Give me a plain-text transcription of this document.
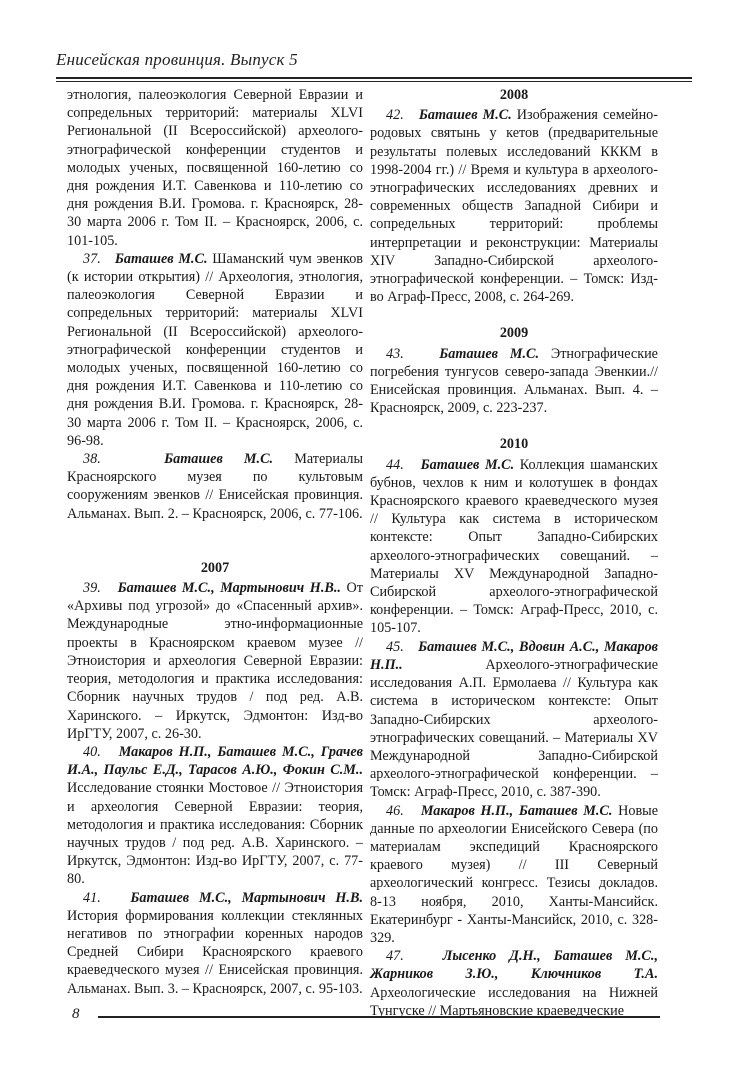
Енисейская провинция. Выпуск 5

этнология, палеоэкология Северной Евразии и сопредельных территорий: материалы XLVI Региональной (II Всероссийской) археолого-этнографической конференции студентов и молодых ученых, посвященной 160-летию со дня рождения И.Т. Савенкова и 110-летию со дня рождения В.И. Громова. г. Красноярск, 28-30 марта 2006 г. Том II. – Красноярск, 2006, с. 101-105.

37. Баташев М.С. Шаманский чум эвенков (к истории открытия) // Археология, этнология, палеоэкология Северной Евразии и сопредельных территорий: материалы XLVI Региональной (II Всероссийской) археолого-этнографической конференции студентов и молодых ученых, посвященной 160-летию со дня рождения И.Т. Савенкова и 110-летию со дня рождения В.И. Громова. г. Красноярск, 28-30 марта 2006 г. Том II. – Красноярск, 2006, с. 96-98.

38.	Баташев М.С. Материалы Красноярского музея по культовым сооружениям эвенков // Енисейская провинция. Альманах. Вып. 2. – Красноярск, 2006, с. 77-106.

2007

39. Баташев М.С., Мартынович Н.В.. От «Архивы под угрозой» до «Спасенный архив». Международные этно-информационные проекты в Красноярском краевом музее // Этноистория и археология Северной Евразии: теория, методология и практика исследования: Сборник научных трудов / под ред. А.В. Харинского. – Иркутск, Эдмонтон: Изд-во ИрГТУ, 2007, с. 26-30.

40. Макаров Н.П., Баташев М.С., Грачев И.А., Паульс Е.Д., Тарасов А.Ю., Фокин С.М.. Исследование стоянки Мостовое // Этноистория и археология Северной Евразии: теория, методология и практика исследования: Сборник научных трудов / под ред. А.В. Харинского. – Иркутск, Эдмонтон: Изд-во ИрГТУ, 2007, с. 77-80.

41. Баташев М.С., Мартынович Н.В. История формирования коллекции стеклянных негативов по этнографии коренных народов Средней Сибири Красноярского краевого краеведческого музея // Енисейская провинция. Альманах. Вып. 3. – Красноярск, 2007, с. 95-103.

2008

42. Баташев М.С. Изображения семейно-родовых святынь у кетов (предварительные результаты полевых исследований КККМ в 1998-2004 гг.) // Время и культура в археолого-этнографических исследованиях древних и современных обществ Западной Сибири и сопредельных территорий: проблемы интерпретации и реконструкции: Материалы XIV Западно-Сибирской археолого-этнографической конференции. – Томск: Изд-во Аграф-Пресс, 2008, с. 264-269.

2009

43.	Баташев М.С. Этнографические погребения тунгусов северо-запада Эвенкии.// Енисейская провинция. Альманах. Вып. 4. – Красноярск, 2009, с. 223-237.

2010

44. Баташев М.С. Коллекция шаманских бубнов, чехлов к ним и колотушек в фондах Красноярского краевого краеведческого музея // Культура как система в историческом контексте: Опыт Западно-Сибирских археолого-этнографических совещаний. – Материалы XV Международной Западно-Сибирской археолого-этнографической конференции. – Томск: Аграф-Пресс, 2010, с. 105-107.

45. Баташев М.С., Вдовин А.С., Макаров Н.П.. Археолого-этнографические исследования А.П. Ермолаева // Культура как система в историческом контексте: Опыт Западно-Сибирских археолого-этнографических совещаний. – Материалы XV Международной Западно-Сибирской археолого-этнографической конференции. – Томск: Аграф-Пресс, 2010, с. 387-390.

46. Макаров Н.П., Баташев М.С. Новые данные по археологии Енисейского Севера (по материалам экспедиций Красноярского краевого музея) // III Северный археологический конгресс. Тезисы докладов. 8-13 ноября, 2010, Ханты-Мансийск. Екатеринбург - Ханты-Мансийск, 2010, с. 328-329.

47.	Лысенко Д.Н., Баташев М.С., Жарников З.Ю., Ключников Т.А. Археологические исследования на Нижней Тунгуске // Мартьяновские краеведческие

8
